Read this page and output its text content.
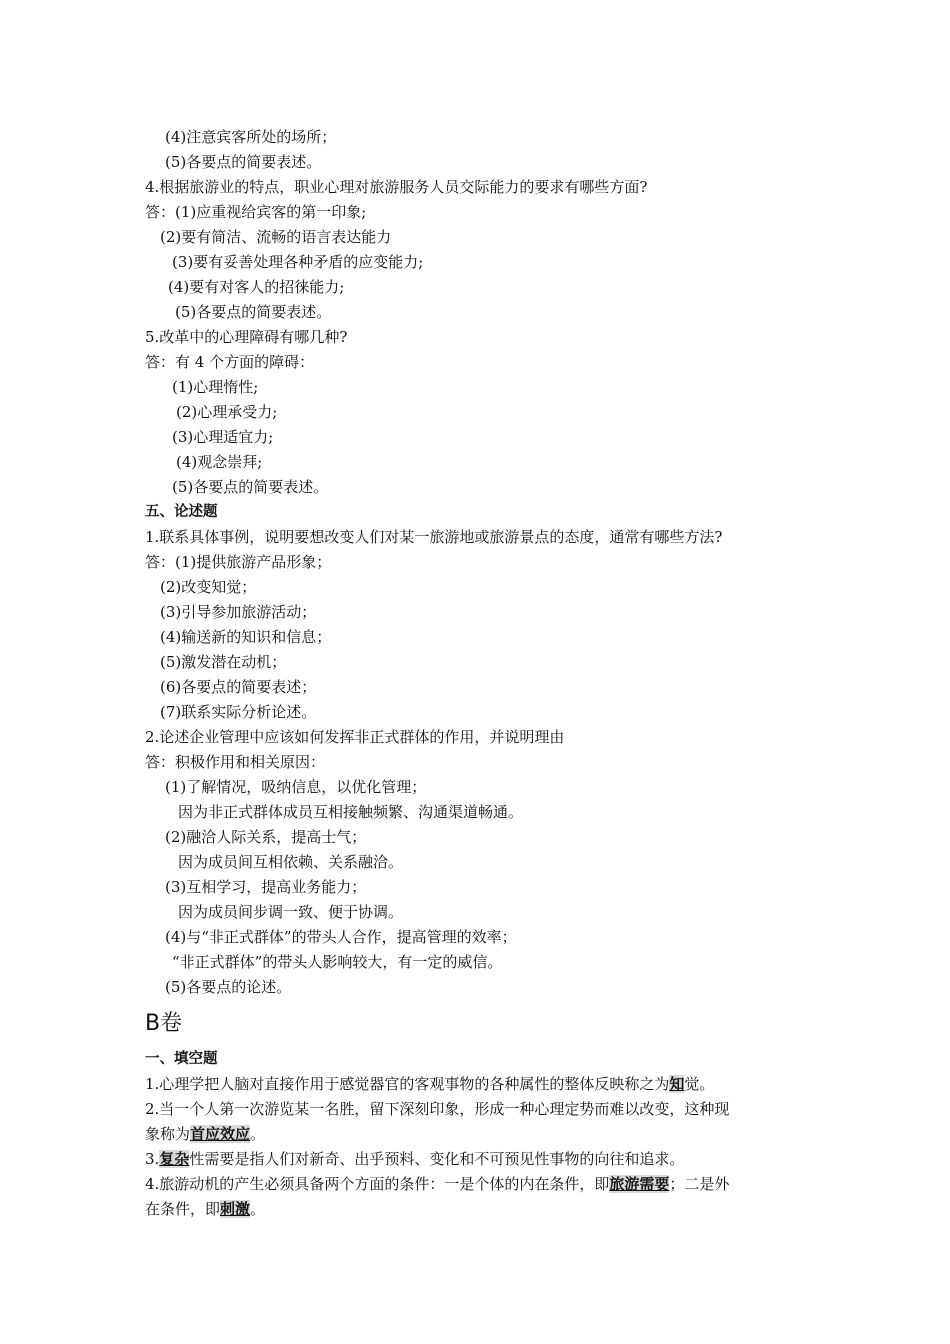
(4)注意宾客所处的场所；
(5)各要点的简要表述。
4.根据旅游业的特点，职业心理对旅游服务人员交际能力的要求有哪些方面?
答：(1)应重视给宾客的第一印象;
(2)要有简洁、流畅的语言表达能力
(3)要有妥善处理各种矛盾的应变能力;
(4)要有对客人的招徕能力;
(5)各要点的简要表述。
5.改革中的心理障碍有哪几种?
答：有 4 个方面的障碍：
(1)心理惰性;
(2)心理承受力;
(3)心理适宜力;
(4)观念崇拜;
(5)各要点的简要表述。
五、论述题
1.联系具体事例，说明要想改变人们对某一旅游地或旅游景点的态度，通常有哪些方法?
答：(1)提供旅游产品形象；
(2)改变知觉；
(3)引导参加旅游活动；
(4)输送新的知识和信息；
(5)激发潜在动机；
(6)各要点的简要表述；
(7)联系实际分析论述。
2.论述企业管理中应该如何发挥非正式群体的作用，并说明理由
答：积极作用和相关原因：
(1)了解情况，吸纳信息，以优化管理；
因为非正式群体成员互相接触频繁、沟通渠道畅通。
(2)融洽人际关系，提高士气；
因为成员间互相依赖、关系融洽。
(3)互相学习，提高业务能力；
因为成员间步调一致、便于协调。
(4)与“非正式群体”的带头人合作，提高管理的效率；
“非正式群体”的带头人影响较大，有一定的威信。
(5)各要点的论述。
B卷
一、填空题
1.心理学把人脑对直接作用于感觉器官的客观事物的各种属性的整体反映称之为知觉。
2.当一个人第一次游览某一名胜，留下深刻印象，形成一种心理定势而难以改变，这种现
象称为首应效应。
3.复杂性需要是指人们对新奇、出乎预料、变化和不可预见性事物的向往和追求。
4.旅游动机的产生必须具备两个方面的条件：一是个体的内在条件，即旅游需要；二是外
在条件，即刺激。
